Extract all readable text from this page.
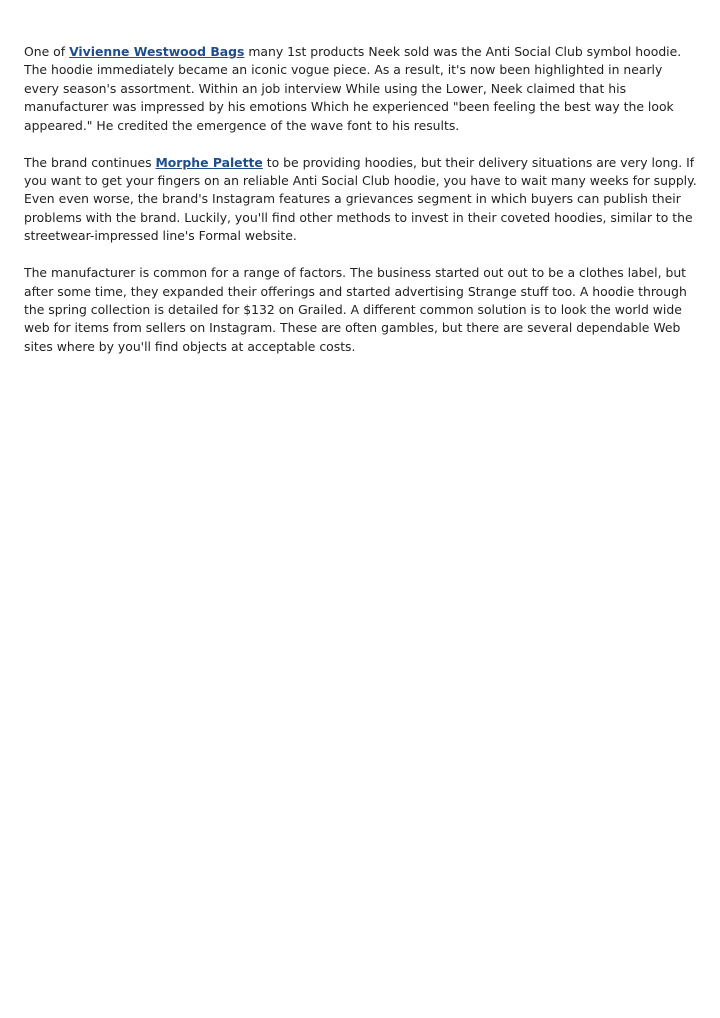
One of Vivienne Westwood Bags many 1st products Neek sold was the Anti Social Club symbol hoodie. The hoodie immediately became an iconic vogue piece. As a result, it's now been highlighted in nearly every season's assortment. Within an job interview While using the Lower, Neek claimed that his manufacturer was impressed by his emotions Which he experienced "been feeling the best way the look appeared." He credited the emergence of the wave font to his results.

The brand continues Morphe Palette to be providing hoodies, but their delivery situations are very long. If you want to get your fingers on an reliable Anti Social Club hoodie, you have to wait many weeks for supply. Even even worse, the brand's Instagram features a grievances segment in which buyers can publish their problems with the brand. Luckily, you'll find other methods to invest in their coveted hoodies, similar to the streetwear-impressed line's Formal website.

The manufacturer is common for a range of factors. The business started out out to be a clothes label, but after some time, they expanded their offerings and started advertising Strange stuff too. A hoodie through the spring collection is detailed for $132 on Grailed. A different common solution is to look the world wide web for items from sellers on Instagram. These are often gambles, but there are several dependable Web sites where by you'll find objects at acceptable costs.
